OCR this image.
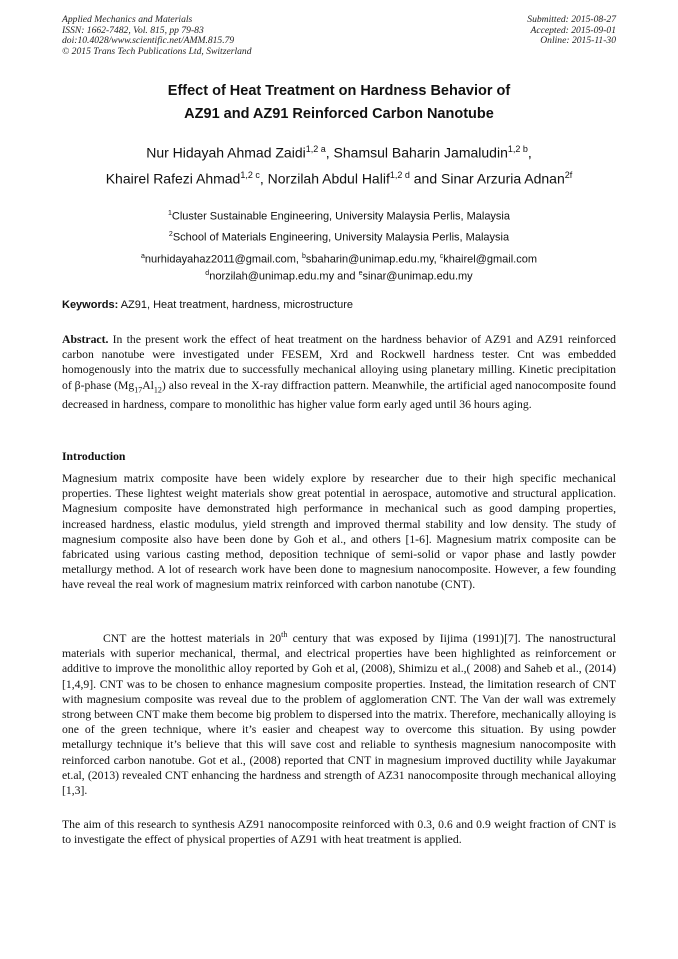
Applied Mechanics and Materials
ISSN: 1662-7482, Vol. 815, pp 79-83
doi:10.4028/www.scientific.net/AMM.815.79
© 2015 Trans Tech Publications Ltd, Switzerland
Submitted: 2015-08-27
Accepted: 2015-09-01
Online: 2015-11-30
Effect of Heat Treatment on Hardness Behavior of
AZ91 and AZ91 Reinforced Carbon Nanotube
Nur Hidayah Ahmad Zaidi$^{1,2 a}$, Shamsul Baharin Jamaludin$^{1,2 b}$,
Khairel Rafezi Ahmad$^{1,2 c}$, Norzilah Abdul Halif$^{1,2 d}$ and Sinar Arzuria Adnan$^{2f}$
$^1$Cluster Sustainable Engineering, University Malaysia Perlis, Malaysia
$^2$School of Materials Engineering, University Malaysia Perlis, Malaysia
$^a$nurhidayahaz2011@gmail.com, $^b$sbaharin@unimap.edu.my, $^c$khairel@gmail.com
$^d$norzilah@unimap.edu.my and $^e$sinar@unimap.edu.my
Keywords: AZ91, Heat treatment, hardness, microstructure
Abstract. In the present work the effect of heat treatment on the hardness behavior of AZ91 and AZ91 reinforced carbon nanotube were investigated under FESEM, Xrd and Rockwell hardness tester. Cnt was embedded homogenously into the matrix due to successfully mechanical alloying using planetary milling. Kinetic precipitation of β-phase $(Mg_{17}Al_{12})$ also reveal in the X-ray diffraction pattern. Meanwhile, the artificial aged nanocomposite found decreased in hardness, compare to monolithic has higher value form early aged until 36 hours aging.
Introduction
Magnesium matrix composite have been widely explore by researcher due to their high specific mechanical properties. These lightest weight materials show great potential in aerospace, automotive and structural application. Magnesium composite have demonstrated high performance in mechanical such as good damping properties, increased hardness, elastic modulus, yield strength and improved thermal stability and low density. The study of magnesium composite also have been done by Goh et al., and others [1-6]. Magnesium matrix composite can be fabricated using various casting method, deposition technique of semi-solid or vapor phase and lastly powder metallurgy method. A lot of research work have been done to magnesium nanocomposite. However, a few founding have reveal the real work of magnesium matrix reinforced with carbon nanotube (CNT).
CNT are the hottest materials in 20th century that was exposed by Iijima (1991)[7]. The nanostructural materials with superior mechanical, thermal, and electrical properties have been highlighted as reinforcement or additive to improve the monolithic alloy reported by Goh et al, (2008), Shimizu et al.,( 2008) and Saheb et al., (2014)[1,4,9]. CNT was to be chosen to enhance magnesium composite properties. Instead, the limitation research of CNT with magnesium composite was reveal due to the problem of agglomeration CNT. The Van der wall was extremely strong between CNT make them become big problem to dispersed into the matrix. Therefore, mechanically alloying is one of the green technique, where it’s easier and cheapest way to overcome this situation. By using powder metallurgy technique it’s believe that this will save cost and reliable to synthesis magnesium nanocomposite with reinforced carbon nanotube. Got et al., (2008) reported that CNT in magnesium improved ductility while Jayakumar et.al, (2013) revealed CNT enhancing the hardness and strength of AZ31 nanocomposite through mechanical alloying [1,3].
The aim of this research to synthesis AZ91 nanocomposite reinforced with 0.3, 0.6 and 0.9 weight fraction of CNT is to investigate the effect of physical properties of AZ91 with heat treatment is applied.
